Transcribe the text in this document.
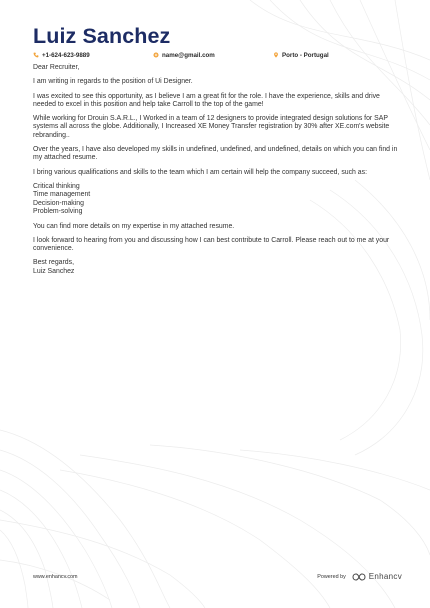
Luiz Sanchez
+1-624-623-9889	name@gmail.com	Porto - Portugal

Dear Recruiter,

I am writing in regards to the position of Ui Designer.

I was excited to see this opportunity, as I believe I am a great fit for the role. I have the experience, skills and drive needed to excel in this position and help take Carroll to the top of the game!

While working for Drouin S.A.R.L., I Worked in a team of 12 designers to provide integrated design solutions for SAP systems all across the globe. Additionally, I Increased XE Money Transfer registration by 30% after XE.com's website rebranding..

Over the years, I have also developed my skills in undefined, undefined, and undefined, details on which you can find in my attached resume.

I bring various qualifications and skills to the team which I am certain will help the company succeed, such as:

Critical thinking
Time management
Decision-making
Problem-solving

You can find more details on my expertise in my attached resume.

I look forward to hearing from you and discussing how I can best contribute to Carroll. Please reach out to me at your convenience.

Best regards,
Luiz Sanchez
www.enhancv.com	Powered by	Enhancv
